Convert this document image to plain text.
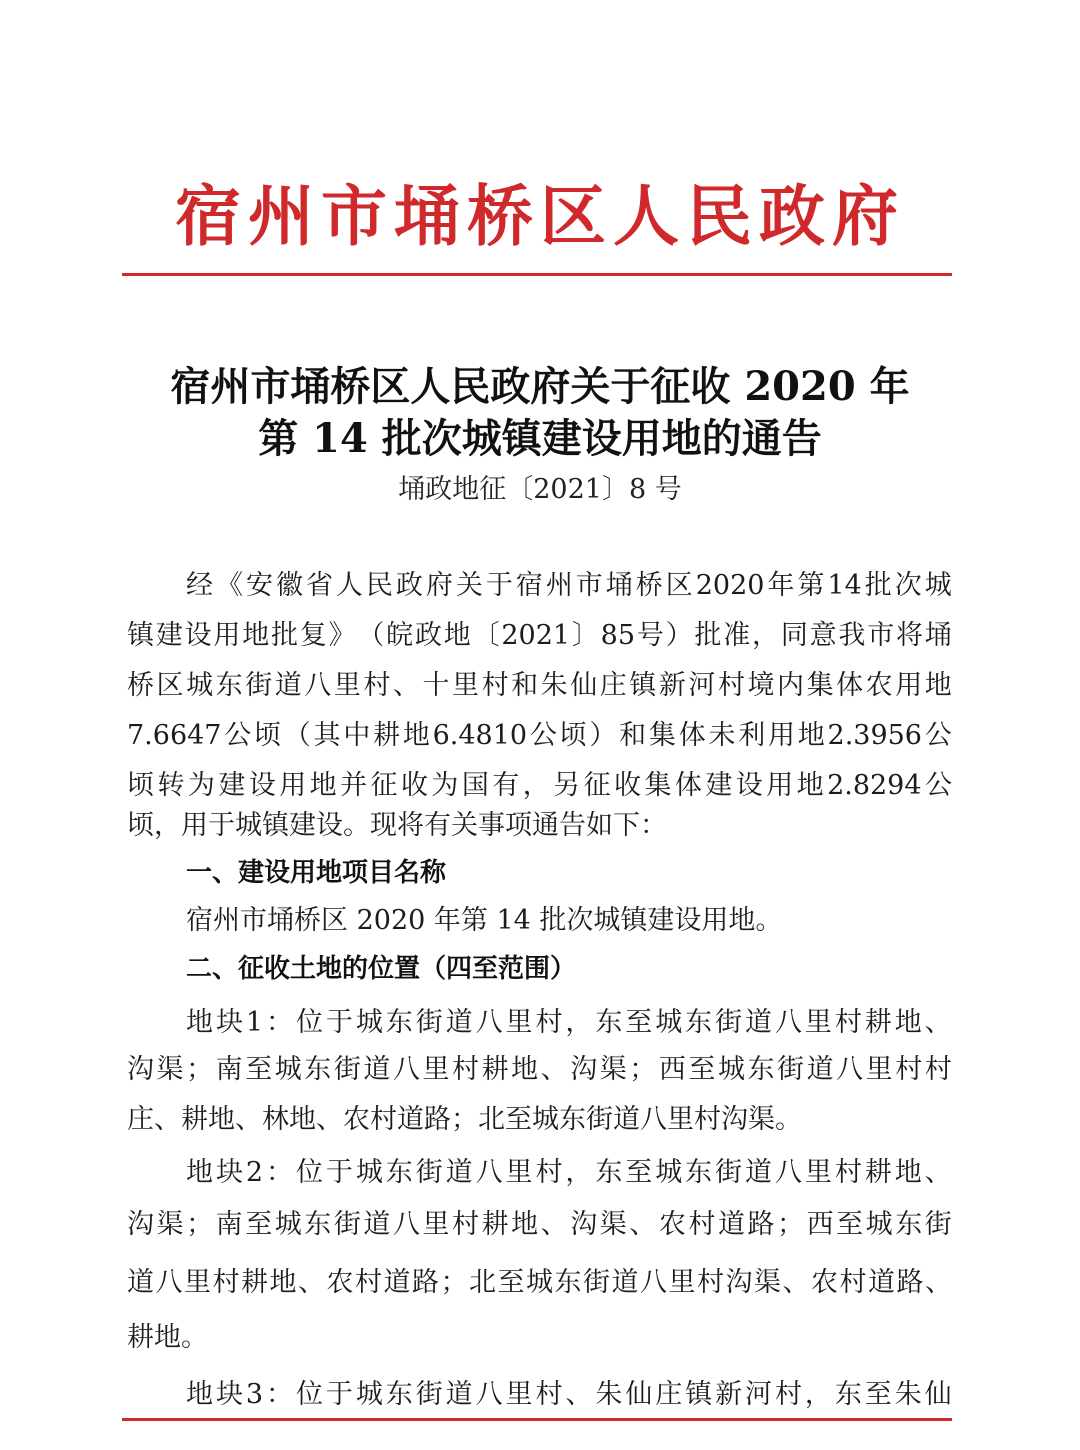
宿州市埇桥区人民政府
宿州市埇桥区人民政府关于征收 2020 年
第 14 批次城镇建设用地的通告
埇政地征〔2021〕8 号
经 《 安 徽 省 人 民 政 府 关 于 宿 州 市 埇 桥 区 2020 年 第 14 批 次 城
镇 建 设 用 地 批 复 》 （ 皖 政 地 〔 2021 〕 85 号 ） 批 准 ， 同 意 我 市 将 埇
桥 区 城 东 街 道 八 里 村 、 十 里 村 和 朱 仙 庄 镇 新 河 村 境 内 集 体 农 用 地
7.6647 公 顷 （ 其 中 耕 地 6.4810 公 顷 ） 和 集 体 未 利 用 地 2.3956 公
顷 转 为 建 设 用 地 并 征 收 为 国 有 ， 另 征 收 集 体 建 设 用 地 2.8294 公
顷，用于城镇建设。现将有关事项通告如下：
一、建设用地项目名称
宿州市埇桥区 2020 年第 14 批次城镇建设用地。
二、征收土地的位置（四至范围）
地 块 1 ： 位 于 城 东 街 道 八 里 村 ， 东 至 城 东 街 道 八 里 村 耕 地 、
沟 渠 ； 南 至 城 东 街 道 八 里 村 耕 地 、 沟 渠 ； 西 至 城 东 街 道 八 里 村 村
庄、耕地、林地、农村道路；北至城东街道八里村沟渠。
地 块 2 ： 位 于 城 东 街 道 八 里 村 ， 东 至 城 东 街 道 八 里 村 耕 地 、
沟 渠 ； 南 至 城 东 街 道 八 里 村 耕 地 、 沟 渠 、 农 村 道 路 ； 西 至 城 东 街
道 八 里 村 耕 地 、 农 村 道 路 ； 北 至 城 东 街 道 八 里 村 沟 渠 、 农 村 道 路 、
耕地。
地 块 3 ： 位 于 城 东 街 道 八 里 村 、 朱 仙 庄 镇 新 河 村 ， 东 至 朱 仙
